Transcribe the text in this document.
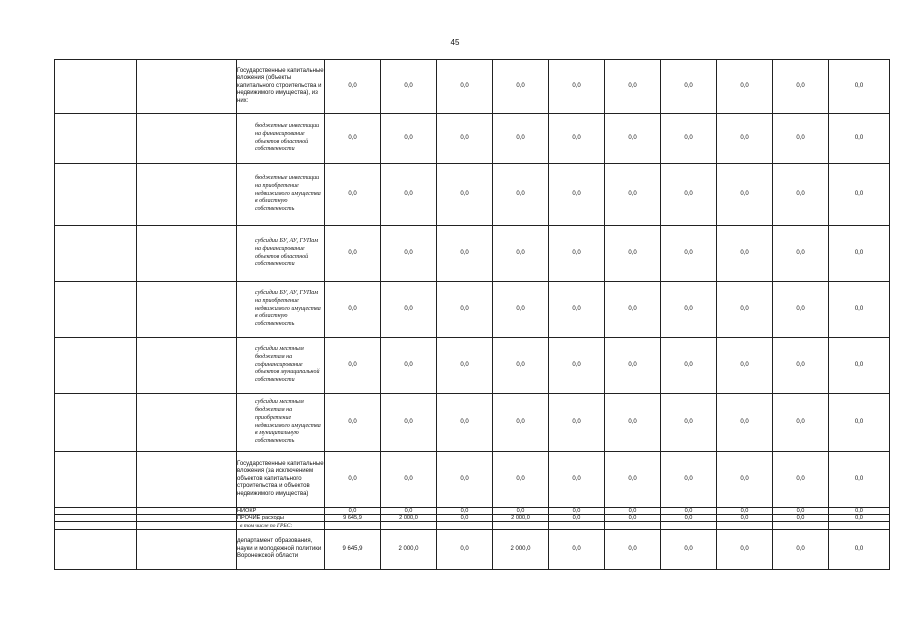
45
		Государственные капитальные вложения (объекты капитального строительства и недвижимого имущества), из них:	0,0	0,0	0,0	0,0	0,0	0,0	0,0	0,0	0,0	0,0
		бюджетные инвестиции на финансирование объектов областной собственности	0,0	0,0	0,0	0,0	0,0	0,0	0,0	0,0	0,0	0,0
		бюджетные инвестиции на приобретение недвижимого имущества в областную собственность	0,0	0,0	0,0	0,0	0,0	0,0	0,0	0,0	0,0	0,0
		субсидии БУ, АУ, ГУПам на финансирование объектов областной собственности	0,0	0,0	0,0	0,0	0,0	0,0	0,0	0,0	0,0	0,0
		субсидии БУ, АУ, ГУПам на приобретение недвижимого имущества в областную собственность	0,0	0,0	0,0	0,0	0,0	0,0	0,0	0,0	0,0	0,0
		субсидии местным бюджетам на софинансирование объектов муниципальной собственности	0,0	0,0	0,0	0,0	0,0	0,0	0,0	0,0	0,0	0,0
		субсидии местным бюджетам на приобретение недвижимого имущества в муниципальную собственность	0,0	0,0	0,0	0,0	0,0	0,0	0,0	0,0	0,0	0,0
		Государственные капитальные вложения (за исключением объектов капитального строительства и объектов недвижимого имущества)	0,0	0,0	0,0	0,0	0,0	0,0	0,0	0,0	0,0	0,0
		НИОКР	0,0	0,0	0,0	0,0	0,0	0,0	0,0	0,0	0,0	0,0
		ПРОЧИЕ расходы	9 645,9	2 000,0	0,0	2 000,0	0,0	0,0	0,0	0,0	0,0	0,0
		в том числе по ГРБС:										
		департамент образования, науки и молодежной политики Воронежской области	9 645,9	2 000,0	0,0	2 000,0	0,0	0,0	0,0	0,0	0,0	0,0
